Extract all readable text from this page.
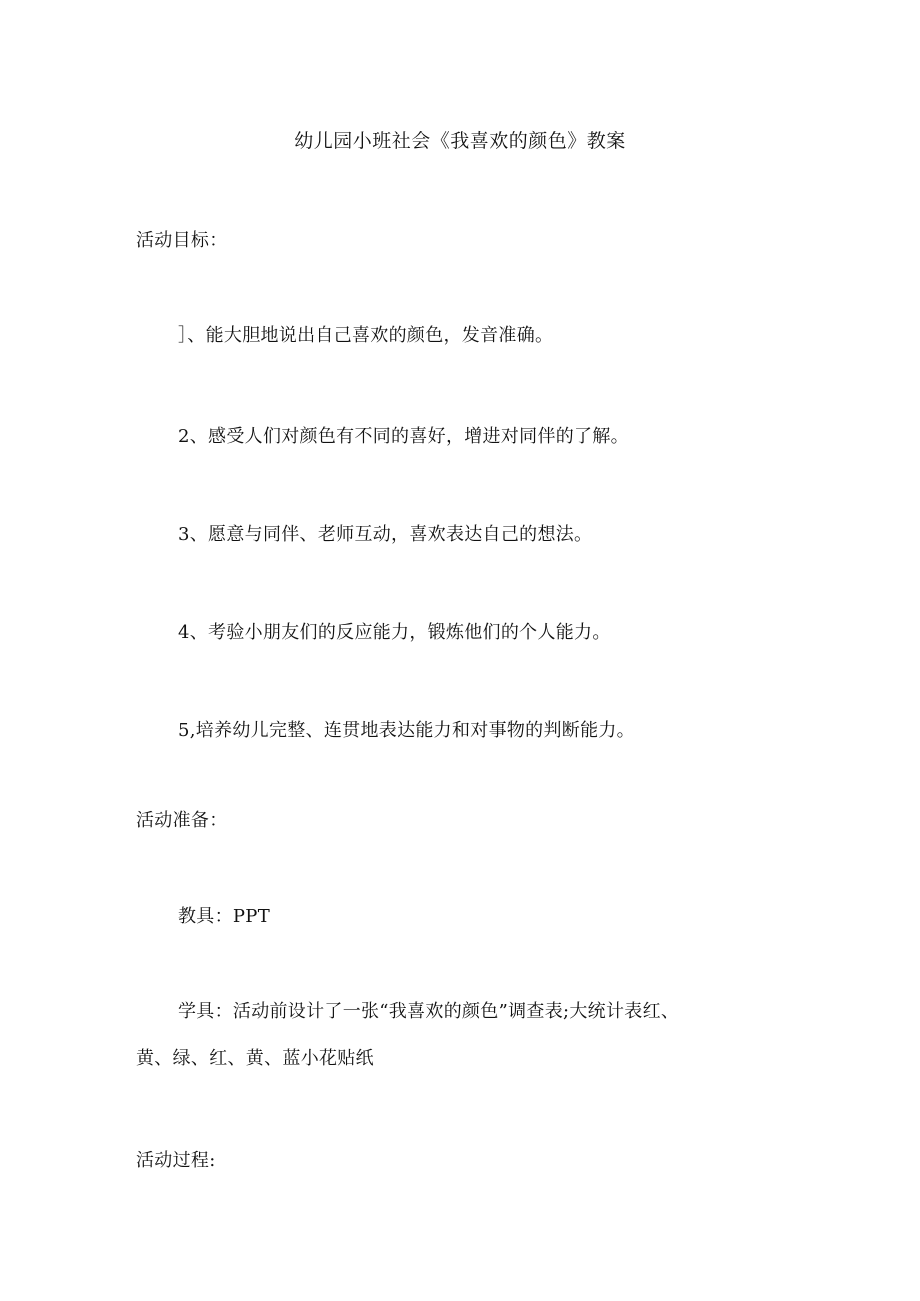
幼儿园小班社会《我喜欢的颜色》教案
活动目标：
］、能大胆地说出自己喜欢的颜色，发音准确。
2、感受人们对颜色有不同的喜好，增进对同伴的了解。
3、愿意与同伴、老师互动，喜欢表达自己的想法。
4、考验小朋友们的反应能力，锻炼他们的个人能力。
5,培养幼儿完整、连贯地表达能力和对事物的判断能力。
活动准备：
教具：PPT
学具：活动前设计了一张“我喜欢的颜色”调查表;大统计表红、
黄、绿、红、黄、蓝小花贴纸
活动过程:
